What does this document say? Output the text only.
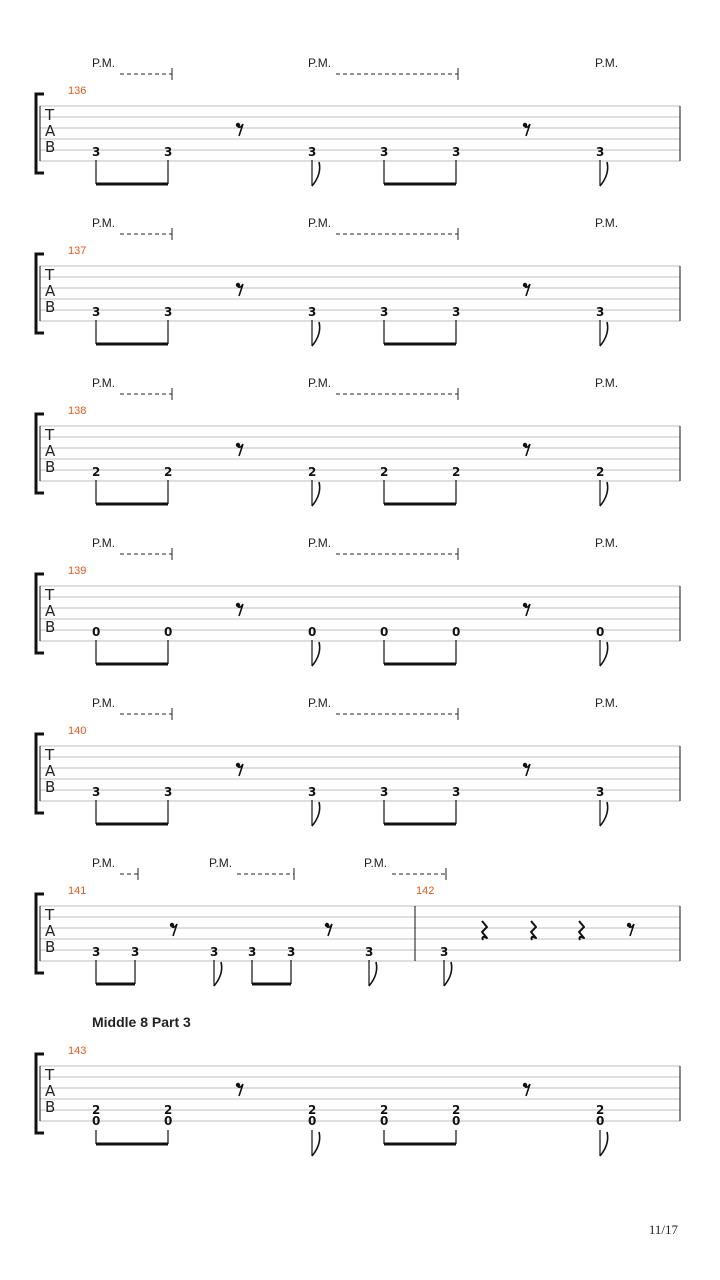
T
A
B
136
P.M.	P.M.	P.M.
3	3	3	3	3	3
T
A
B
137
P.M.	P.M.	P.M.
3	3	3	3	3	3
T
A
B
138
P.M.	P.M.	P.M.
2	2	2	2	2	2
T
A
B
139
P.M.	P.M.	P.M.
0	0	0	0	0	0
T
A
B
140
P.M.	P.M.	P.M.
3	3	3	3	3	3
T
A
B
141	142
P.M.	P.M.	P.M.
3	3	3 3	3	3	3
T
A
B
143
2
0
2
0
2
0
2
0
2
0
2
0
Middle 8 Part 3
11/17
